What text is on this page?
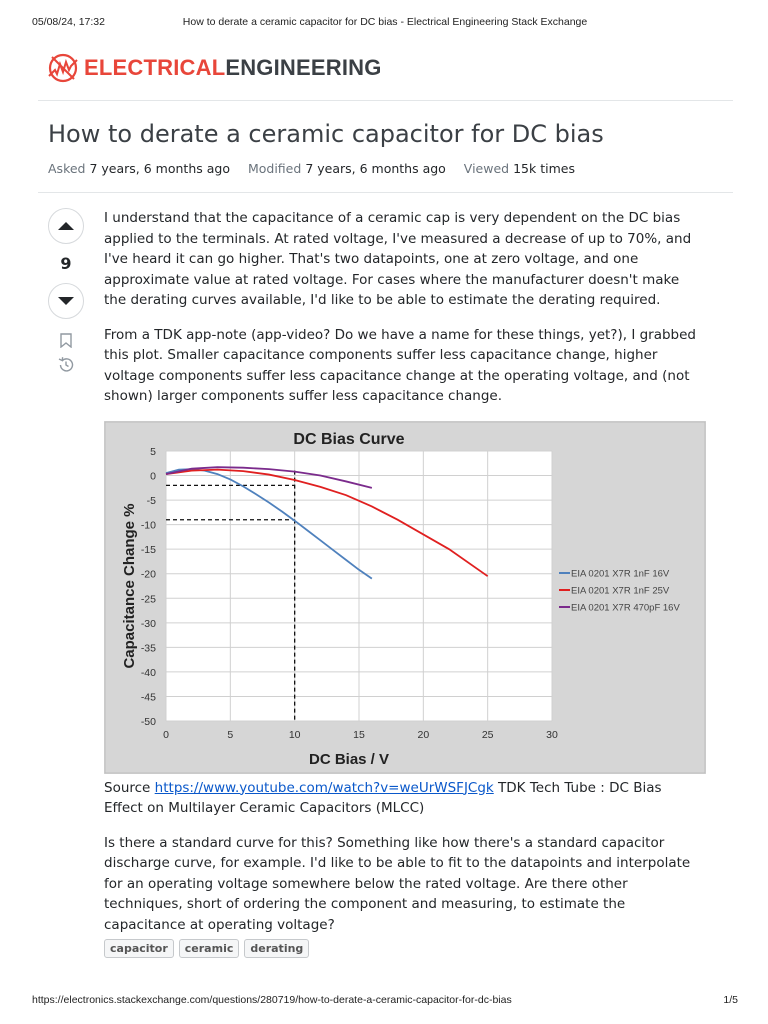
05/08/24, 17:32	How to derate a ceramic capacitor for DC bias - Electrical Engineering Stack Exchange
ELECTRICALENGINEERING
How to derate a ceramic capacitor for DC bias
Asked 7 years, 6 months ago Modified 7 years, 6 months ago Viewed 15k times
9

I understand that the capacitance of a ceramic cap is very dependent on the DC bias applied to the terminals. At rated voltage, I've measured a decrease of up to 70%, and I've heard it can go higher. That's two datapoints, one at zero voltage, and one approximate value at rated voltage. For cases where the manufacturer doesn't make the derating curves available, I'd like to be able to estimate the derating required.

From a TDK app-note (app-video? Do we have a name for these things, yet?), I grabbed this plot. Smaller capacitance components suffer less capacitance change, higher voltage components suffer less capacitance change at the operating voltage, and (not shown) larger components suffer less capacitance change.

0	5	10	15	20	25	30
5
0
-5
-10
-15
-20
-25
-30
-35
-40
-45
-50
EIA 0201 X7R 1nF 16V
EIA 0201 X7R 1nF 25V
EIA 0201 X7R 470pF 16V
DC Bias Curve
DC Bias / V
Capacitance Change %

Source https://www.youtube.com/watch?v=weUrWSFJCgk TDK Tech Tube : DC Bias Effect on Multilayer Ceramic Capacitors (MLCC)

Is there a standard curve for this? Something like how there's a standard capacitor discharge curve, for example. I'd like to be able to fit to the datapoints and interpolate for an operating voltage somewhere below the rated voltage. Are there other techniques, short of ordering the component and measuring, to estimate the capacitance at operating voltage?

capacitor	ceramic	derating
https://electronics.stackexchange.com/questions/280719/how-to-derate-a-ceramic-capacitor-for-dc-bias	1/5
